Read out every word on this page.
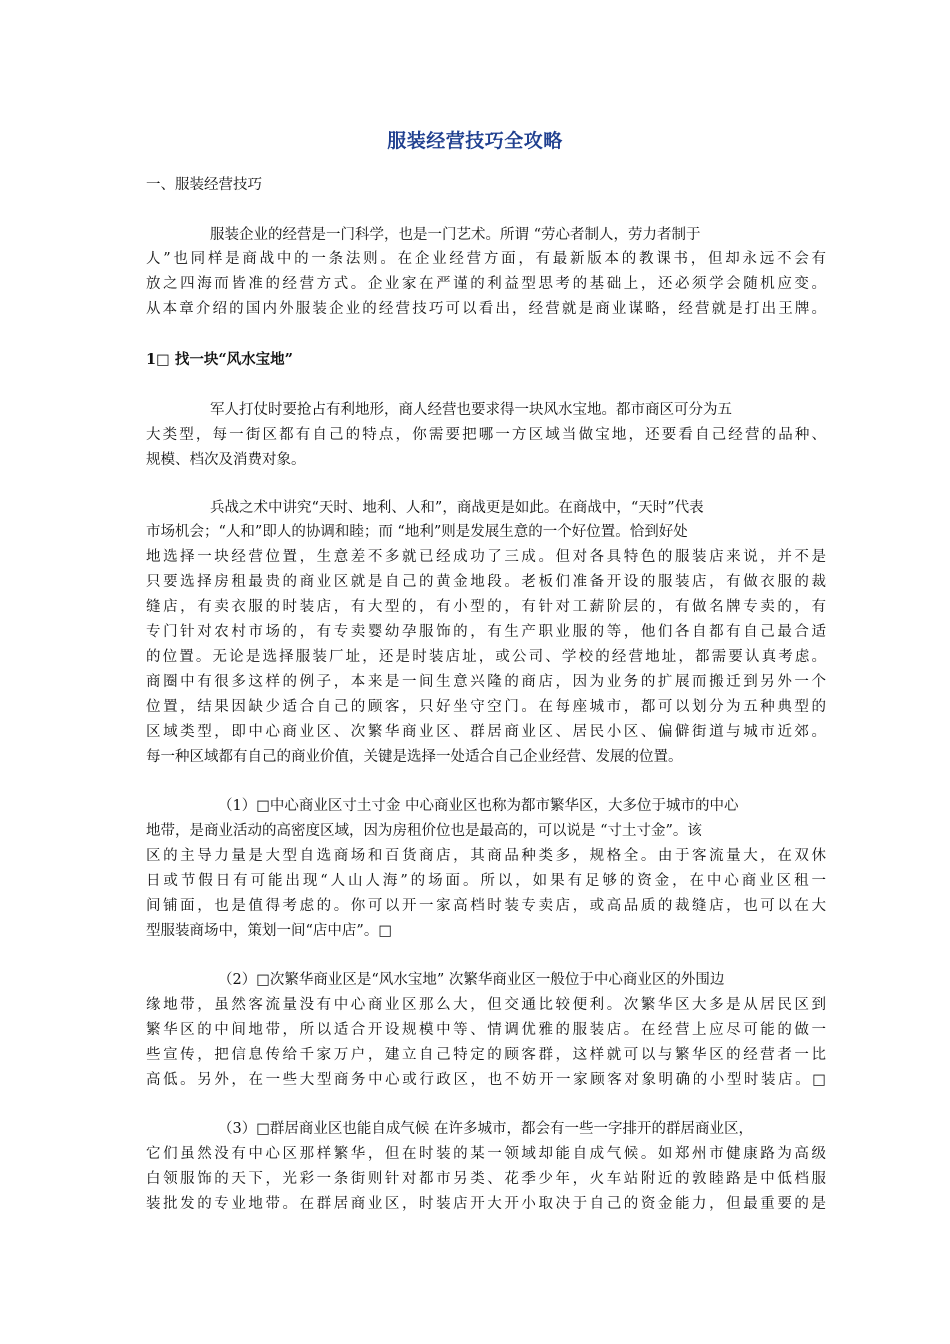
服装经营技巧全攻略
一、服装经营技巧
服装企业的经营是一门科学，也是一门艺术。所谓 “劳心者制人，劳力者制于
人”也同样是商战中的一条法则。在企业经营方面，有最新版本的教课书，但却永远不会有
放之四海而皆准的经营方式。企业家在严谨的利益型思考的基础上，还必须学会随机应变。
从本章介绍的国内外服装企业的经营技巧可以看出，经营就是商业谋略，经营就是打出王牌。
1□ 找一块“风水宝地”
军人打仗时要抢占有利地形，商人经营也要求得一块风水宝地。都市商区可分为五
大类型，每一街区都有自己的特点，你需要把哪一方区域当做宝地，还要看自己经营的品种、
规模、档次及消费对象。
兵战之术中讲究“天时、地利、人和”，商战更是如此。在商战中，“天时”代表
市场机会；“人和”即人的协调和睦；而 “地利”则是发展生意的一个好位置。恰到好处
地选择一块经营位置，生意差不多就已经成功了三成。但对各具特色的服装店来说，并不是
只要选择房租最贵的商业区就是自己的黄金地段。老板们准备开设的服装店，有做衣服的裁
缝店，有卖衣服的时装店，有大型的，有小型的，有针对工薪阶层的，有做名牌专卖的，有
专门针对农村市场的，有专卖婴幼孕服饰的，有生产职业服的等，他们各自都有自己最合适
的位置。无论是选择服装厂址，还是时装店址，或公司、学校的经营地址，都需要认真考虑。
商圈中有很多这样的例子，本来是一间生意兴隆的商店，因为业务的扩展而搬迁到另外一个
位置，结果因缺少适合自己的顾客，只好坐守空门。在每座城市，都可以划分为五种典型的
区域类型，即中心商业区、次繁华商业区、群居商业区、居民小区、偏僻街道与城市近郊。
每一种区域都有自己的商业价值，关键是选择一处适合自己企业经营、发展的位置。
（1）□中心商业区寸土寸金 中心商业区也称为都市繁华区，大多位于城市的中心
地带，是商业活动的高密度区域，因为房租价位也是最高的，可以说是 “寸土寸金”。该
区的主导力量是大型自选商场和百货商店，其商品种类多，规格全。由于客流量大，在双休
日或节假日有可能出现“人山人海”的场面。所以，如果有足够的资金，在中心商业区租一
间铺面，也是值得考虑的。你可以开一家高档时装专卖店，或高品质的裁缝店，也可以在大
型服装商场中，策划一间“店中店”。□
（2）□次繁华商业区是“风水宝地” 次繁华商业区一般位于中心商业区的外围边
缘地带，虽然客流量没有中心商业区那么大，但交通比较便利。次繁华区大多是从居民区到
繁华区的中间地带，所以适合开设规模中等、情调优雅的服装店。在经营上应尽可能的做一
些宣传，把信息传给千家万户，建立自己特定的顾客群，这样就可以与繁华区的经营者一比
高低。另外，在一些大型商务中心或行政区，也不妨开一家顾客对象明确的小型时装店。□
（3）□群居商业区也能自成气候 在许多城市，都会有一些一字排开的群居商业区，
它们虽然没有中心区那样繁华，但在时装的某一领域却能自成气候。如郑州市健康路为高级
白领服饰的天下，光彩一条街则针对都市另类、花季少年，火车站附近的敦睦路是中低档服
装批发的专业地带。在群居商业区，时装店开大开小取决于自己的资金能力，但最重要的是
